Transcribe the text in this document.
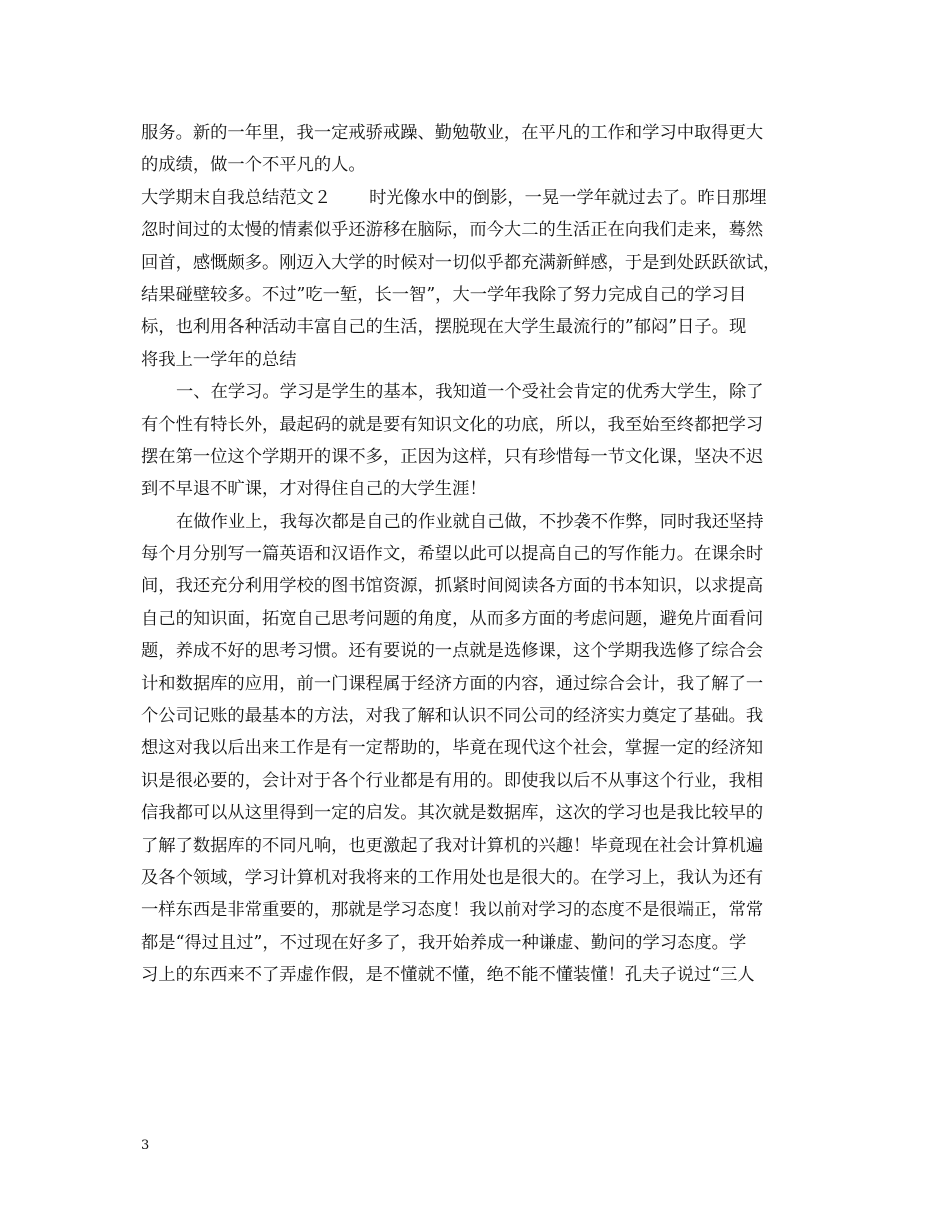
服务。新的一年里，我一定戒骄戒躁、勤勉敬业，在平凡的工作和学习中取得更大
的成绩，做一个不平凡的人。
大学期末自我总结范文２ 时光像水中的倒影，一晃一学年就过去了。昨日那埋
忽时间过的太慢的情素似乎还游移在脑际，而今大二的生活正在向我们走来，蓦然
回首，感慨颇多。刚迈入大学的时候对一切似乎都充满新鲜感，于是到处跃跃欲试，
结果碰壁较多。不过”吃一堑，长一智”，大一学年我除了努力完成自己的学习目
标，也利用各种活动丰富自己的生活，摆脱现在大学生最流行的”郁闷”日子。现
将我上一学年的总结
一、在学习。学习是学生的基本，我知道一个受社会肯定的优秀大学生，除了
有个性有特长外，最起码的就是要有知识文化的功底，所以，我至始至终都把学习
摆在第一位这个学期开的课不多，正因为这样，只有珍惜每一节文化课，坚决不迟
到不早退不旷课，才对得住自己的大学生涯！
在做作业上，我每次都是自己的作业就自己做，不抄袭不作弊，同时我还坚持
每个月分别写一篇英语和汉语作文，希望以此可以提高自己的写作能力。在课余时
间，我还充分利用学校的图书馆资源，抓紧时间阅读各方面的书本知识，以求提高
自己的知识面，拓宽自己思考问题的角度，从而多方面的考虑问题，避免片面看问
题，养成不好的思考习惯。还有要说的一点就是选修课，这个学期我选修了综合会
计和数据库的应用，前一门课程属于经济方面的内容，通过综合会计，我了解了一
个公司记账的最基本的方法，对我了解和认识不同公司的经济实力奠定了基础。我
想这对我以后出来工作是有一定帮助的，毕竟在现代这个社会，掌握一定的经济知
识是很必要的，会计对于各个行业都是有用的。即使我以后不从事这个行业，我相
信我都可以从这里得到一定的启发。其次就是数据库，这次的学习也是我比较早的
了解了数据库的不同凡响，也更激起了我对计算机的兴趣！毕竟现在社会计算机遍
及各个领域，学习计算机对我将来的工作用处也是很大的。在学习上，我认为还有
一样东西是非常重要的，那就是学习态度！我以前对学习的态度不是很端正，常常
都是“得过且过”，不过现在好多了，我开始养成一种谦虚、勤问的学习态度。学
习上的东西来不了弄虚作假，是不懂就不懂，绝不能不懂装懂！孔夫子说过“三人
3
